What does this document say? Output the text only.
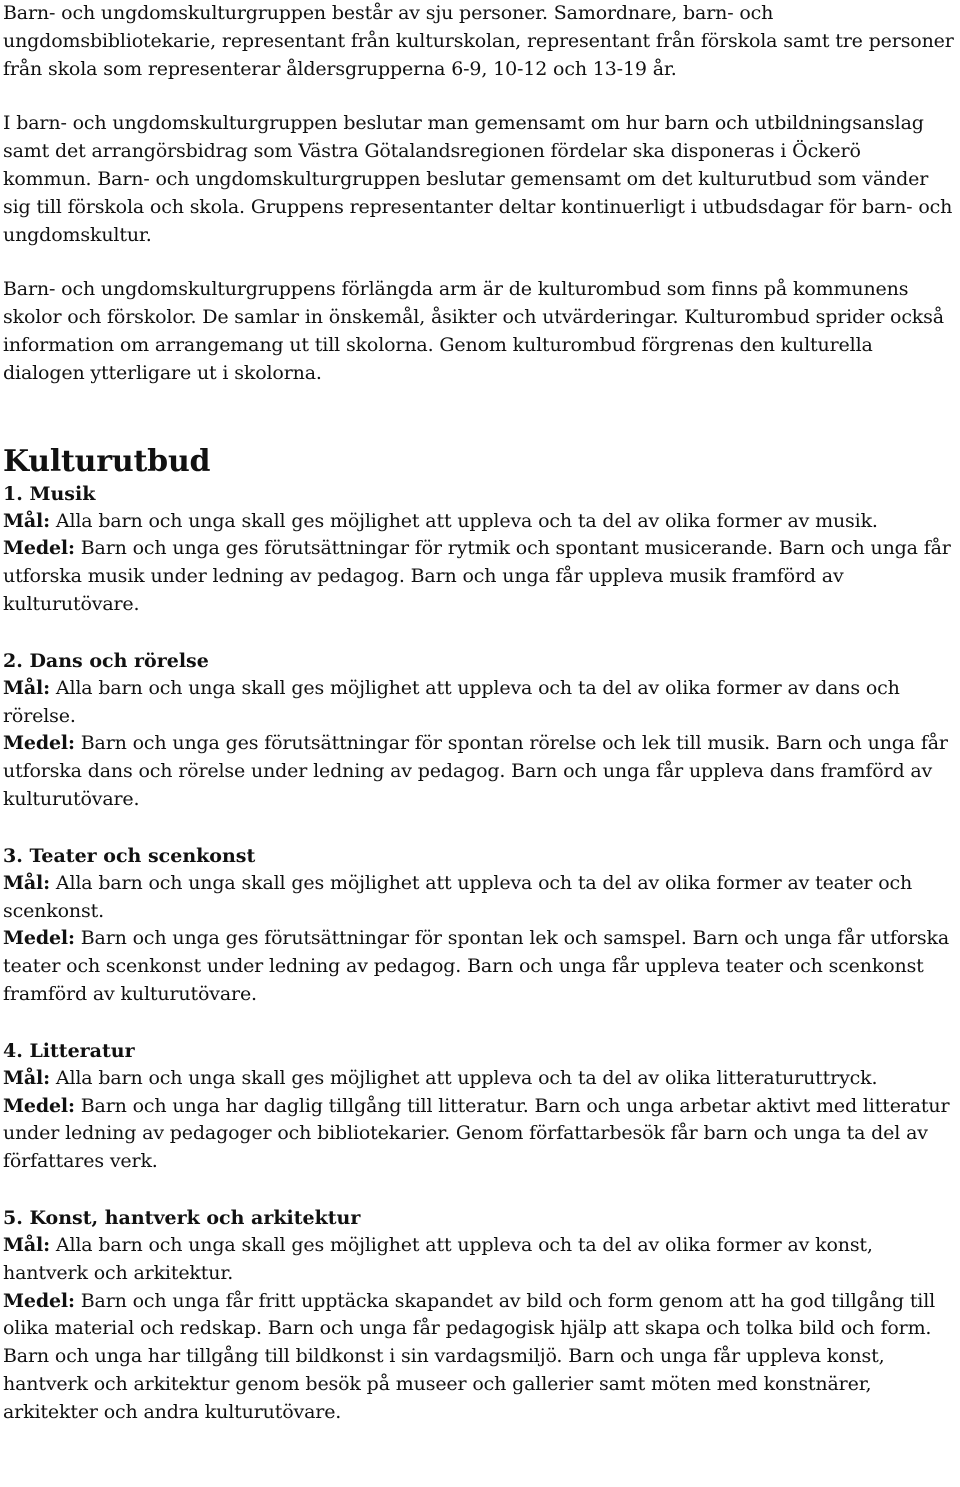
Barn- och ungdomskulturgruppen består av sju personer. Samordnare, barn- och ungdomsbibliotekarie, representant från kulturskolan, representant från förskola samt tre personer från skola som representerar åldersgrupperna 6-9, 10-12 och 13-19 år.

I barn- och ungdomskulturgruppen beslutar man gemensamt om hur barn och utbildningsanslag samt det arrangörsbidrag som Västra Götalandsregionen fördelar ska disponeras i Öckerö kommun. Barn- och ungdomskulturgruppen beslutar gemensamt om det kulturutbud som vänder sig till förskola och skola. Gruppens representanter deltar kontinuerligt i utbudsdagar för barn- och ungdomskultur.

Barn- och ungdomskulturgruppens förlängda arm är de kulturombud som finns på kommunens skolor och förskolor. De samlar in önskemål, åsikter och utvärderingar. Kulturombud sprider också information om arrangemang ut till skolorna. Genom kulturombud förgrenas den kulturella dialogen ytterligare ut i skolorna.

Kulturutbud
1. Musik

Mål: Alla barn och unga skall ges möjlighet att uppleva och ta del av olika former av musik.

Medel: Barn och unga ges förutsättningar för rytmik och spontant musicerande. Barn och unga får utforska musik under ledning av pedagog. Barn och unga får uppleva musik framförd av kulturutövare.

2. Dans och rörelse

Mål: Alla barn och unga skall ges möjlighet att uppleva och ta del av olika former av dans och rörelse.

Medel: Barn och unga ges förutsättningar för spontan rörelse och lek till musik. Barn och unga får utforska dans och rörelse under ledning av pedagog. Barn och unga får uppleva dans framförd av kulturutövare.

3. Teater och scenkonst

Mål: Alla barn och unga skall ges möjlighet att uppleva och ta del av olika former av teater och scenkonst.

Medel: Barn och unga ges förutsättningar för spontan lek och samspel. Barn och unga får utforska teater och scenkonst under ledning av pedagog. Barn och unga får uppleva teater och scenkonst framförd av kulturutövare.

4. Litteratur

Mål: Alla barn och unga skall ges möjlighet att uppleva och ta del av olika litteraturuttryck.

Medel: Barn och unga har daglig tillgång till litteratur. Barn och unga arbetar aktivt med litteratur under ledning av pedagoger och bibliotekarier. Genom författarbesök får barn och unga ta del av författares verk.

5. Konst, hantverk och arkitektur

Mål: Alla barn och unga skall ges möjlighet att uppleva och ta del av olika former av konst, hantverk och arkitektur.

Medel: Barn och unga får fritt upptäcka skapandet av bild och form genom att ha god tillgång till olika material och redskap. Barn och unga får pedagogisk hjälp att skapa och tolka bild och form. Barn och unga har tillgång till bildkonst i sin vardagsmiljö. Barn och unga får uppleva konst, hantverk och arkitektur genom besök på museer och gallerier samt möten med konstnärer, arkitekter och andra kulturutövare.
